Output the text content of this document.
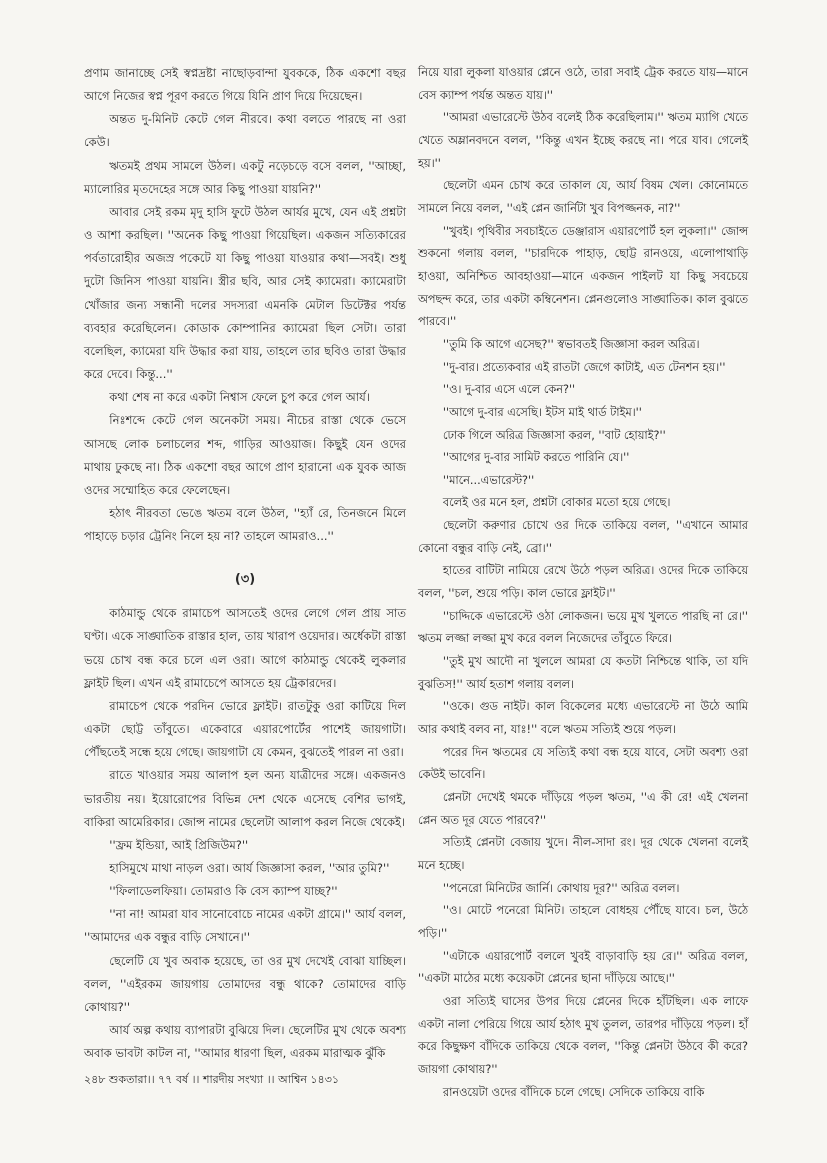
প্রণাম জানাচ্ছে সেই স্বপ্নদ্রষ্টা নাছোড়বান্দা যুবককে, ঠিক একশো বছর আগে নিজের স্বপ্ন পূরণ করতে গিয়ে যিনি প্রাণ দিয়ে দিয়েছেন।

অন্তত দু-মিনিট কেটে গেল নীরবে। কথা বলতে পারছে না ওরা কেউ।

ঋতমই প্রথম সামলে উঠল। একটু নড়েচড়ে বসে বলল, ''আচ্ছা, ম্যালোরির মৃতদেহের সঙ্গে আর কিছু পাওয়া যায়নি?''

আবার সেই রকম মৃদু হাসি ফুটে উঠল আর্যর মুখে, যেন এই প্রশ্নটা ও আশা করছিল। ''অনেক কিছু পাওয়া গিয়েছিল। একজন সত্যিকারের পর্বতারোহীর অজস্র পকেটে যা কিছু পাওয়া যাওয়ার কথা—সবই। শুধু দুটো জিনিস পাওয়া যায়নি। স্ত্রীর ছবি, আর সেই ক্যামেরা। ক্যামেরাটা খোঁজার জন্য সন্ধানী দলের সদস্যরা এমনকি মেটাল ডিটেক্টর পর্যন্ত ব্যবহার করেছিলেন। কোডাক কোম্পানির ক্যামেরা ছিল সেটা। তারা বলেছিল, ক্যামেরা যদি উদ্ধার করা যায়, তাহলে তার ছবিও তারা উদ্ধার করে দেবে। কিন্তু...''

কথা শেষ না করে একটা নিশ্বাস ফেলে চুপ করে গেল আর্য।

নিঃশব্দে কেটে গেল অনেকটা সময়। নীচের রাস্তা থেকে ভেসে আসছে লোক চলাচলের শব্দ, গাড়ির আওয়াজ। কিছুই যেন ওদের মাথায় ঢুকছে না। ঠিক একশো বছর আগে প্রাণ হারানো এক যুবক আজ ওদের সম্মোহিত করে ফেলেছেন।

হঠাৎ নীরবতা ভেঙে ঋতম বলে উঠল, ''হ্যাঁ রে, তিনজনে মিলে পাহাড়ে চড়ার ট্রেনিং নিলে হয় না? তাহলে আমরাও...''

(৩)

কাঠমান্ডু থেকে রামাচেপ আসতেই ওদের লেগে গেল প্রায় সাত ঘণ্টা। একে সাঙ্ঘাতিক রাস্তার হাল, তায় খারাপ ওয়েদার। অর্ধেকটা রাস্তা ভয়ে চোখ বন্ধ করে চলে এল ওরা। আগে কাঠমান্ডু থেকেই লুকলার ফ্লাইট ছিল। এখন এই রামাচেপে আসতে হয় ট্রেকারদের।

রামাচেপ থেকে পরদিন ভোরে ফ্লাইট। রাতটুকু ওরা কাটিয়ে দিল একটা ছোট্ট তাঁবুতে। একেবারে এয়ারপোর্টের পাশেই জায়গাটা। পৌঁছতেই সন্ধে হয়ে গেছে। জায়গাটা যে কেমন, বুঝতেই পারল না ওরা।

রাতে খাওয়ার সময় আলাপ হল অন্য যাত্রীদের সঙ্গে। একজনও ভারতীয় নয়। ইয়োরোপের বিভিন্ন দেশ থেকে এসেছে বেশির ভাগই, বাকিরা আমেরিকার। জোন্স নামের ছেলেটা আলাপ করল নিজে থেকেই।

''ফ্রম ইন্ডিয়া, আই প্রিজিউম?''

হাসিমুখে মাথা নাড়ল ওরা। আর্য জিজ্ঞাসা করল, ''আর তুমি?''

''ফিলাডেলফিয়া। তোমরাও কি বেস ক্যাম্প যাচ্ছ?''

''না না! আমরা যাব সানোবোচে নামের একটা গ্রামে।'' আর্য বলল, ''আমাদের এক বন্ধুর বাড়ি সেখানে।''

ছেলেটি যে খুব অবাক হয়েছে, তা ওর মুখ দেখেই বোঝা যাচ্ছিল। বলল, ''এইরকম জায়গায় তোমাদের বন্ধু থাকে? তোমাদের বাড়ি কোথায়?''

আর্য অল্প কথায় ব্যাপারটা বুঝিয়ে দিল। ছেলেটির মুখ থেকে অবশ্য অবাক ভাবটা কাটল না, ''আমার ধারণা ছিল, এরকম মারাত্মক ঝুঁকি

নিয়ে যারা লুকলা যাওয়ার প্লেনে ওঠে, তারা সবাই ট্রেক করতে যায়—মানে বেস ক্যাম্প পর্যন্ত অন্তত যায়।''

''আমরা এভারেস্টে উঠব বলেই ঠিক করেছিলাম।'' ঋতম ম্যাগি খেতে খেতে অম্লানবদনে বলল, ''কিন্তু এখন ইচ্ছে করছে না। পরে যাব। গেলেই হয়।''

ছেলেটা এমন চোখ করে তাকাল যে, আর্য বিষম খেল। কোনোমতে সামলে নিয়ে বলল, ''এই প্লেন জার্নিটা খুব বিপজ্জনক, না?''

''খুবই। পৃথিবীর সবচাইতে ডেঞ্জারাস এয়ারপোর্ট হল লুকলা।'' জোন্স শুকনো গলায় বলল, ''চারদিকে পাহাড়, ছোট্ট রানওয়ে, এলোপাথাড়ি হাওয়া, অনিশ্চিত আবহাওয়া—মানে একজন পাইলট যা কিছু সবচেয়ে অপছন্দ করে, তার একটা কম্বিনেশন। প্লেনগুলোও সাঙ্ঘাতিক। কাল বুঝতে পারবে।''

''তুমি কি আগে এসেছ?'' স্বভাবতই জিজ্ঞাসা করল অরিত্র।

''দু-বার। প্রত্যেকবার এই রাতটা জেগে কাটাই, এত টেনশন হয়।''

''ও। দু-বার এসে এলে কেন?''

''আগে দু-বার এসেছি। ইটস মাই থার্ড টাইম।''

ঢোক গিলে অরিত্র জিজ্ঞাসা করল, ''বাট হোয়াই?''

''আগের দু-বার সামিট করতে পারিনি যে।''

''মানে...এভারেস্ট?''

বলেই ওর মনে হল, প্রশ্নটা বোকার মতো হয়ে গেছে।

ছেলেটা করুণার চোখে ওর দিকে তাকিয়ে বলল, ''এখানে আমার কোনো বন্ধুর বাড়ি নেই, ব্রো।''

হাতের বাটিটা নামিয়ে রেখে উঠে পড়ল অরিত্র। ওদের দিকে তাকিয়ে বলল, ''চল, শুয়ে পড়ি। কাল ভোরে ফ্লাইট।''

''চাদ্দিকে এভারেস্টে ওঠা লোকজন। ভয়ে মুখ খুলতে পারছি না রে।'' ঋতম লজ্জা লজ্জা মুখ করে বলল নিজেদের তাঁবুতে ফিরে।

''তুই মুখ আদৌ না খুললে আমরা যে কতটা নিশ্চিন্তে থাকি, তা যদি বুঝতিস!'' আর্য হতাশ গলায় বলল।

''ওকে। গুড নাইট। কাল বিকেলের মধ্যে এভারেস্টে না উঠে আমি আর কথাই বলব না, যাঃ!'' বলে ঋতম সত্যিই শুয়ে পড়ল।

পরের দিন ঋতমের যে সত্যিই কথা বন্ধ হয়ে যাবে, সেটা অবশ্য ওরা কেউই ভাবেনি।

প্লেনটা দেখেই থমকে দাঁড়িয়ে পড়ল ঋতম, ''এ কী রে! এই খেলনা প্লেন অত দূর যেতে পারবে?''

সত্যিই প্লেনটা বেজায় খুদে। নীল-সাদা রং। দূর থেকে খেলনা বলেই মনে হচ্ছে।

''পনেরো মিনিটের জার্নি। কোথায় দূর?'' অরিত্র বলল।

''ও। মোটে পনেরো মিনিট। তাহলে বোধহয় পৌঁছে যাবে। চল, উঠে পড়ি।''

''এটাকে এয়ারপোর্ট বললে খুবই বাড়াবাড়ি হয় রে।'' অরিত্র বলল, ''একটা মাঠের মধ্যে কয়েকটা প্লেনের ছানা দাঁড়িয়ে আছে।''

ওরা সত্যিই ঘাসের উপর দিয়ে প্লেনের দিকে হাঁটছিল। এক লাফে একটা নালা পেরিয়ে গিয়ে আর্য হঠাৎ মুখ তুলল, তারপর দাঁড়িয়ে পড়ল। হাঁ করে কিছুক্ষণ বাঁদিকে তাকিয়ে থেকে বলল, ''কিন্তু প্লেনটা উঠবে কী করে? জায়গা কোথায়?''

রানওয়েটা ওদের বাঁদিকে চলে গেছে। সেদিকে তাকিয়ে বাকি

২৪৮ শুকতারা।। ৭৭ বর্ষ ।। শারদীয় সংখ্যা ।। আশ্বিন ১৪৩১
